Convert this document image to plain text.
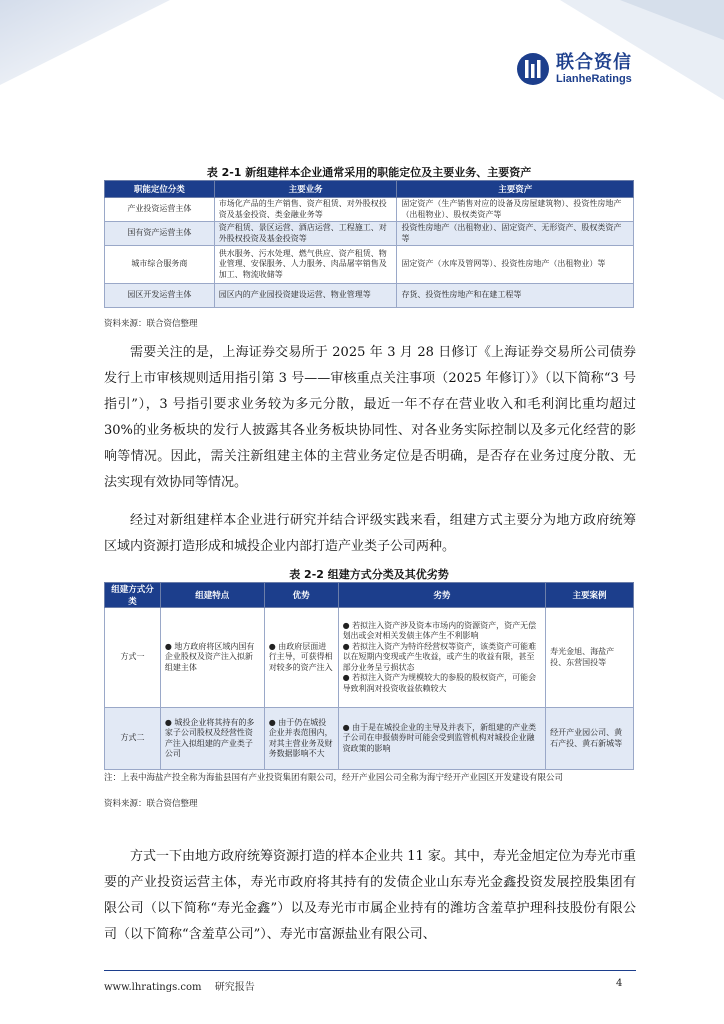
联合资信
LianheRatings
表 2-1 新组建样本企业通常采用的职能定位及主要业务、主要资产
职能定位分类	主要业务	主要资产
产业投资运营主体	市场化产品的生产销售、资产租赁、对外股权投资及基金投资、类金融业务等	固定资产（生产销售对应的设备及房屋建筑物）、投资性房地产（出租物业）、股权类资产等
国有资产运营主体	资产租赁、景区运营、酒店运营、工程施工、对外股权投资及基金投资等	投资性房地产（出租物业）、固定资产、无形资产、股权类资产等
城市综合服务商	供水服务、污水处理、燃气供应、资产租赁、物业管理、安保服务、人力服务、肉品屠宰销售及加工、物流收储等	固定资产（水库及管网等）、投资性房地产（出租物业）等
园区开发运营主体	园区内的产业园投资建设运营、物业管理等	存货、投资性房地产和在建工程等
资料来源：联合资信整理
需要关注的是，上海证券交易所于 2025 年 3 月 28 日修订《上海证券交易所公司债券发行上市审核规则适用指引第 3 号——审核重点关注事项（2025 年修订）》（以下简称“3 号指引”），3 号指引要求业务较为多元分散，最近一年不存在营业收入和毛利润比重均超过 30%的业务板块的发行人披露其各业务板块协同性、对各业务实际控制以及多元化经营的影响等情况。因此，需关注新组建主体的主营业务定位是否明确，是否存在业务过度分散、无法实现有效协同等情况。
经过对新组建样本企业进行研究并结合评级实践来看，组建方式主要分为地方政府统筹区域内资源打造形成和城投企业内部打造产业类子公司两种。
表 2-2 组建方式分类及其优劣势
组建方式分类	组建特点	优势	劣势	主要案例
方式一	● 地方政府将区域内国有企业股权及资产注入拟新组建主体	● 由政府层面进行主导，可获得相对较多的资产注入	● 若拟注入资产涉及资本市场内的资源资产，资产无偿划出或会对相关发债主体产生不利影响

● 若拟注入资产为特许经营权等资产，该类资产可能难以在短期内变现或产生收益，或产生的收益有限，甚至部分业务呈亏损状态

● 若拟注入资产为规模较大的参股的股权资产，可能会导致利润对投资收益依赖较大	寿光金旭、海盐产投、东营国投等
方式二	● 城投企业将其持有的多家子公司股权及经营性资产注入拟组建的产业类子公司	● 由于仍在城投企业并表范围内，对其主营业务及财务数据影响不大	● 由于是在城投企业的主导及并表下，新组建的产业类子公司在申报债券时可能会受到监管机构对城投企业融资政策的影响	经开产业园公司、黄石产投、黄石新城等
注：上表中海盐产投全称为海盐县国有产业投资集团有限公司，经开产业园公司全称为海宁经开产业园区开发建设有限公司
资料来源：联合资信整理
方式一下由地方政府统筹资源打造的样本企业共 11 家。其中，寿光金旭定位为寿光市重要的产业投资运营主体，寿光市政府将其持有的发债企业山东寿光金鑫投资发展控股集团有限公司（以下简称“寿光金鑫”）以及寿光市市属企业持有的潍坊含羞草护理科技股份有限公司（以下简称“含羞草公司”）、寿光市富源盐业有限公司、
www.lhratings.com 研究报告	4
